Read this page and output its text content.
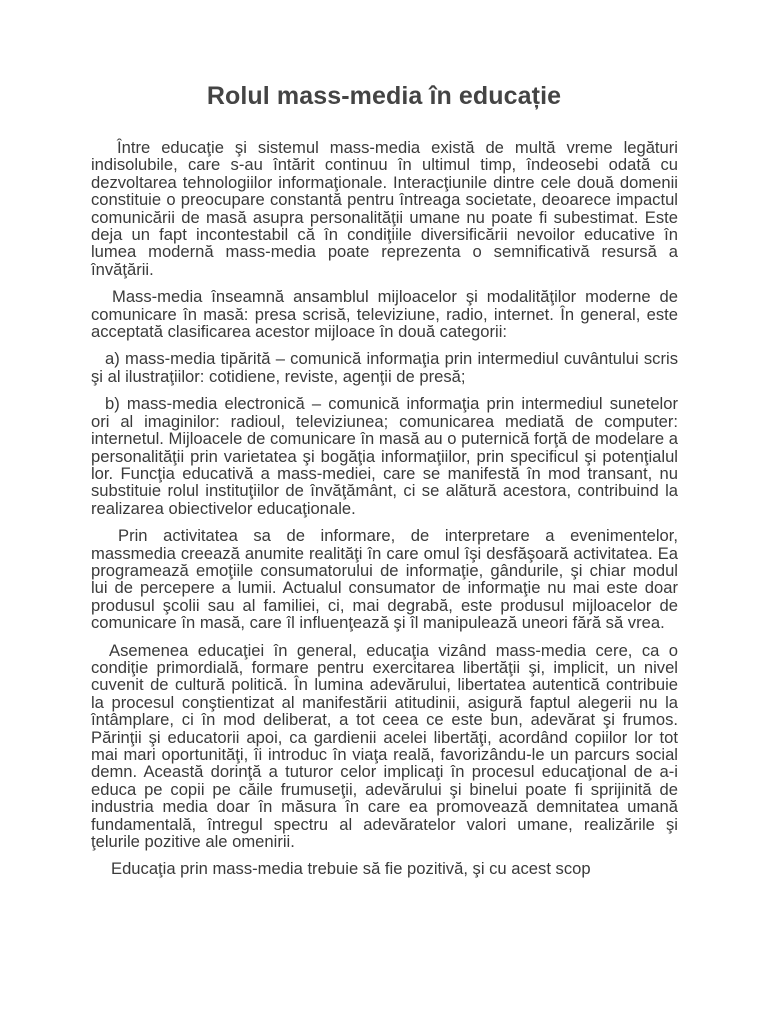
Rolul mass-media în educație

Între educaţie şi sistemul mass-media există de multă vreme legături indisolubile, care s-au întărit continuu în ultimul timp, îndeosebi odată cu dezvoltarea tehnologiilor informaţionale. Interacţiunile dintre cele două domenii constituie o preocupare constantă pentru întreaga societate, deoarece impactul comunicării de masă asupra personalităţii umane nu poate fi subestimat. Este deja un fapt incontestabil că în condiţiile diversificării nevoilor educative în lumea modernă mass-media poate reprezenta o semnificativă resursă a învăţării.

Mass-media înseamnă ansamblul mijloacelor şi modalităţilor moderne de comunicare în masă: presa scrisă, televiziune, radio, internet. În general, este acceptată clasificarea acestor mijloace în două categorii:

a) mass-media tipărită – comunică informaţia prin intermediul cuvântului scris şi al ilustraţiilor: cotidiene, reviste, agenţii de presă;

b) mass-media electronică – comunică informaţia prin intermediul sunetelor ori al imaginilor: radioul, televiziunea; comunicarea mediată de computer: internetul. Mijloacele de comunicare în masă au o puternică forţă de modelare a personalităţii prin varietatea şi bogăţia informaţiilor, prin specificul şi potenţialul lor. Funcţia educativă a mass-mediei, care se manifestă în mod transant, nu substituie rolul instituţiilor de învăţământ, ci se alătură acestora, contribuind la realizarea obiectivelor educaţionale.

Prin activitatea sa de informare, de interpretare a evenimentelor, massmedia creează anumite realităţi în care omul îşi desfăşoară activitatea. Ea programează emoţiile consumatorului de informaţie, gândurile, şi chiar modul lui de percepere a lumii. Actualul consumator de informaţie nu mai este doar produsul şcolii sau al familiei, ci, mai degrabă, este produsul mijloacelor de comunicare în masă, care îl influenţează şi îl manipulează uneori fără să vrea.

Asemenea educaţiei în general, educaţia vizând mass-media cere, ca o condiţie primordială, formare pentru exercitarea libertăţii şi, implicit, un nivel cuvenit de cultură politică. În lumina adevărului, libertatea autentică contribuie la procesul conştientizat al manifestării atitudinii, asigură faptul alegerii nu la întâmplare, ci în mod deliberat, a tot ceea ce este bun, adevărat şi frumos. Părinţii şi educatorii apoi, ca gardienii acelei libertăţi, acordând copiilor lor tot mai mari oportunităţi, îi introduc în viaţa reală, favorizându-le un parcurs social demn. Această dorinţă a tuturor celor implicaţi în procesul educaţional de a-i educa pe copii pe căile frumuseţii, adevărului şi binelui poate fi sprijinită de industria media doar în măsura în care ea promovează demnitatea umană fundamentală, întregul spectru al adevăratelor valori umane, realizările şi ţelurile pozitive ale omenirii.

Educaţia prin mass-media trebuie să fie pozitivă, şi cu acest scop
